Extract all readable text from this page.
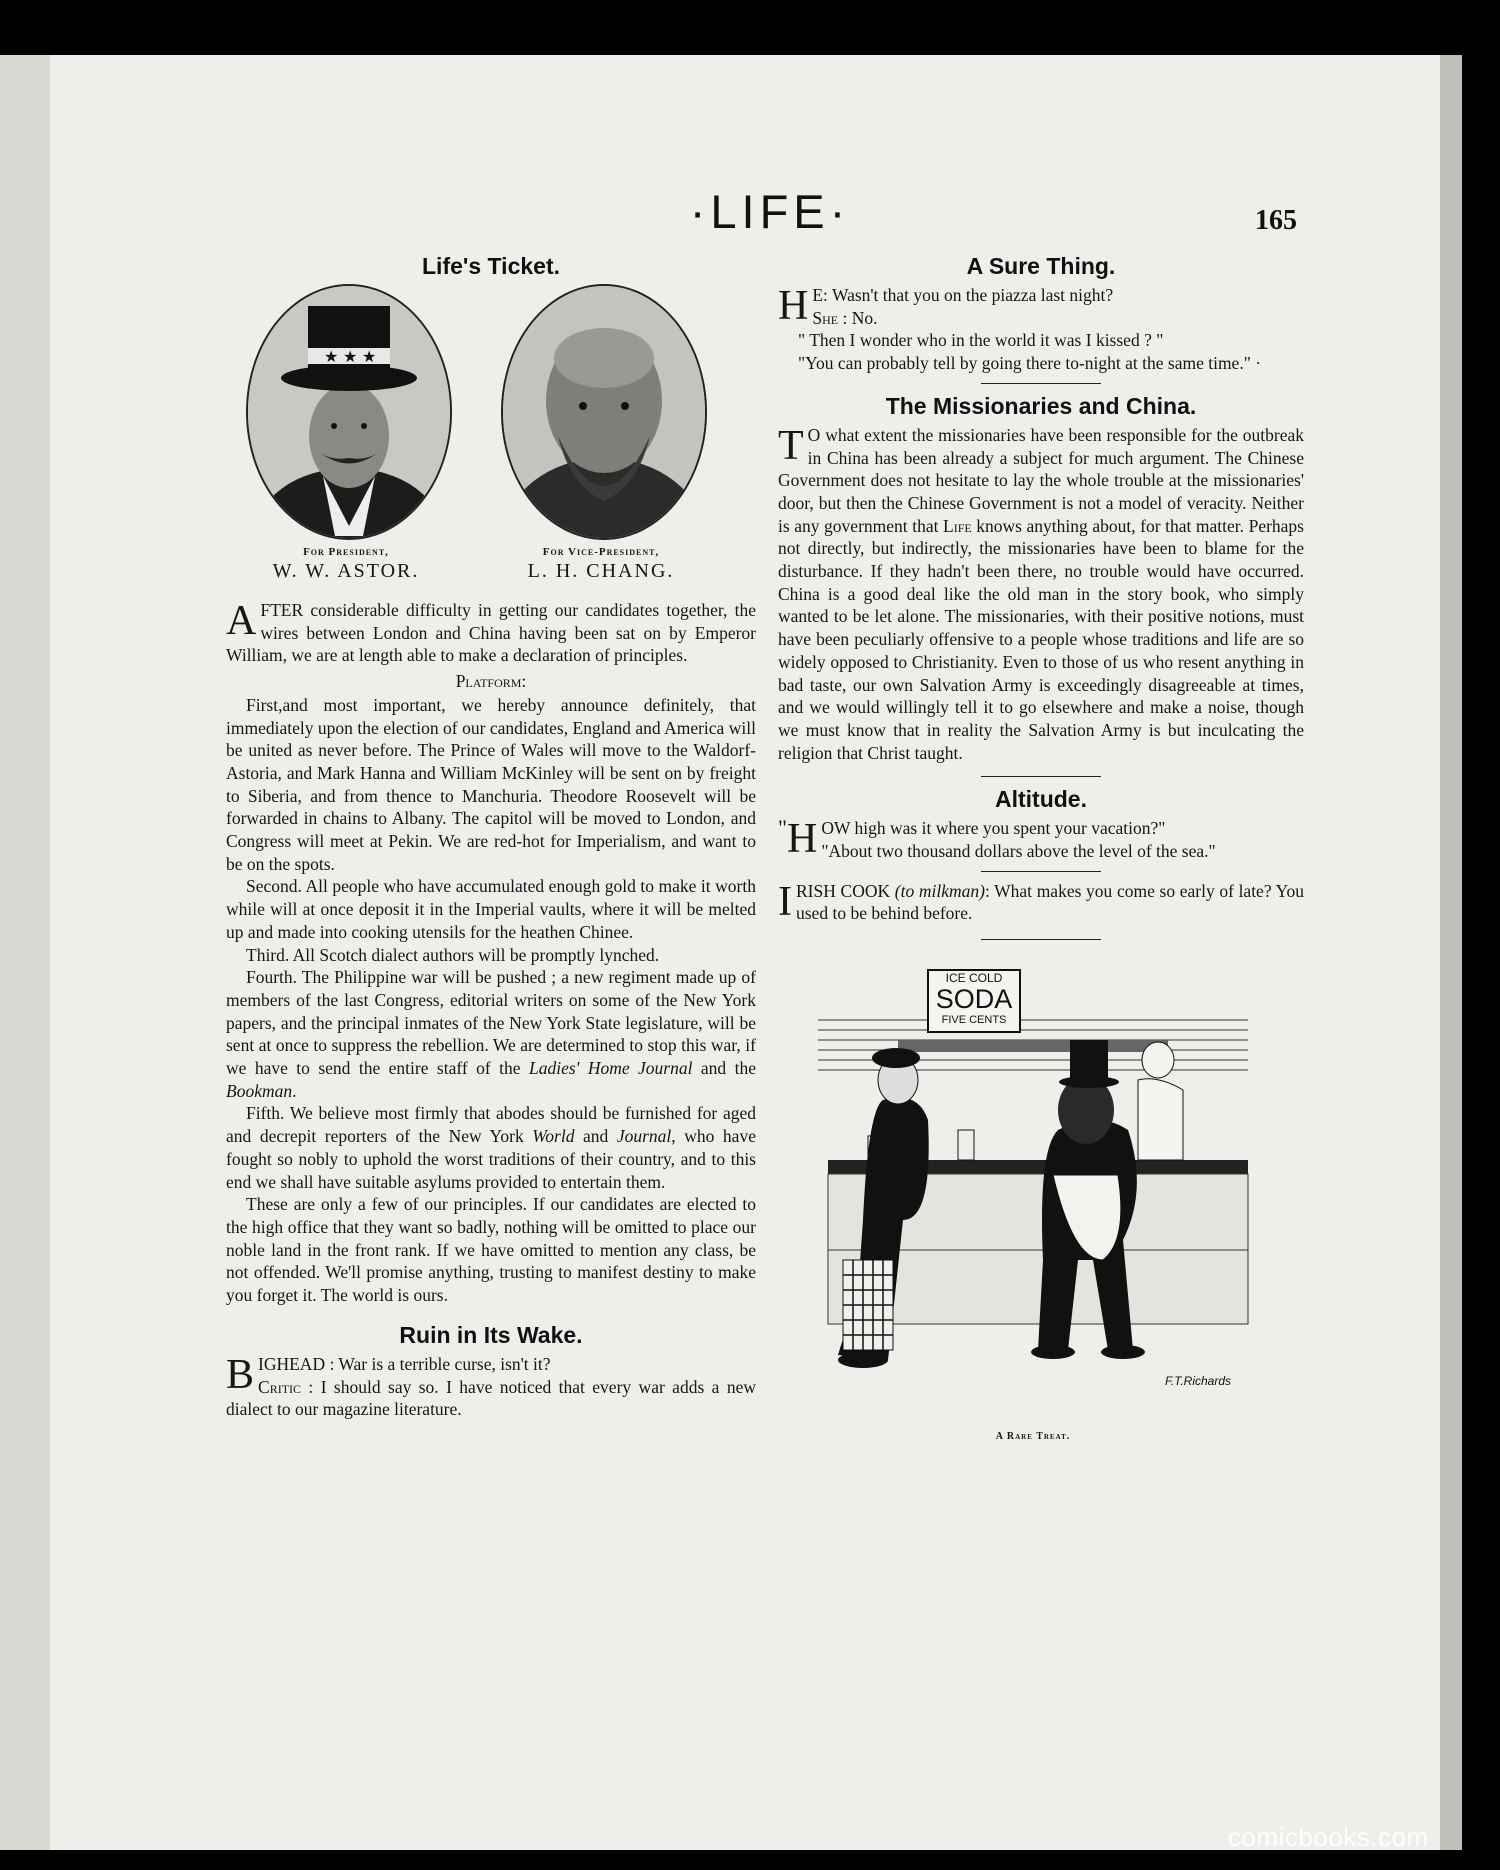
·LIFE·	165
Life's Ticket.
★ ★ ★
For President,
W. W. ASTOR.
For Vice-President,
L. H. CHANG.

AFTER considerable difficulty in getting our candidates together, the wires between London and China having been sat on by Emperor William, we are at length able to make a declaration of principles.

Platform:

First,and most important, we hereby announce definitely, that immediately upon the election of our candidates, England and America will be united as never before. The Prince of Wales will move to the Waldorf-Astoria, and Mark Hanna and William McKinley will be sent on by freight to Siberia, and from thence to Manchuria. Theodore Roosevelt will be forwarded in chains to Albany. The capitol will be moved to London, and Congress will meet at Pekin. We are red-hot for Imperialism, and want to be on the spots.

Second. All people who have accumulated enough gold to make it worth while will at once deposit it in the Imperial vaults, where it will be melted up and made into cooking utensils for the heathen Chinee.

Third. All Scotch dialect authors will be promptly lynched.

Fourth. The Philippine war will be pushed ; a new regiment made up of members of the last Congress, editorial writers on some of the New York papers, and the principal inmates of the New York State legislature, will be sent at once to suppress the rebellion. We are determined to stop this war, if we have to send the entire staff of the Ladies' Home Journal and the Bookman.

Fifth. We believe most firmly that abodes should be furnished for aged and decrepit reporters of the New York World and Journal, who have fought so nobly to uphold the worst traditions of their country, and to this end we shall have suitable asylums provided to entertain them.

These are only a few of our principles. If our candidates are elected to the high office that they want so badly, nothing will be omitted to place our noble land in the front rank. If we have omitted to mention any class, be not offended. We'll promise anything, trusting to manifest destiny to make you forget it. The world is ours.

Ruin in Its Wake.

BIGHEAD : War is a terrible curse, isn't it?
Critic : I should say so. I have noticed that every war adds a new dialect to our magazine literature.

A Sure Thing.

H E: Wasn't that you on the piazza last night?
She : No.

" Then I wonder who in the world it was I kissed ? "

"You can probably tell by going there to-night at the same time." ·

The Missionaries and China.

T O what extent the missionaries have been responsible for the outbreak in China has been already a subject for much argument. The Chinese Government does not hesitate to lay the whole trouble at the missionaries' door, but then the Chinese Government is not a model of veracity. Neither is any government that Life knows anything about, for that matter. Perhaps not directly, but indirectly, the missionaries have been to blame for the disturbance. If they hadn't been there, no trouble would have occurred. China is a good deal like the old man in the story book, who simply wanted to be let alone. The missionaries, with their positive notions, must have been peculiarly offensive to a people whose traditions and life are so widely opposed to Christianity. Even to those of us who resent anything in bad taste, our own Salvation Army is exceedingly disagreeable at times, and we would willingly tell it to go elsewhere and make a noise, though we must know that in reality the Salvation Army is but inculcating the religion that Christ taught.

Altitude.

" H OW high was it where you spent your vacation?"
"About two thousand dollars above the level of the sea."

IRISH COOK (to milkman): What makes you come so early of late? You used to be behind before.

ICE COLD
SODA
FIVE CENTS
F.T.Richards
A Rare Treat.
comicbooks.com
